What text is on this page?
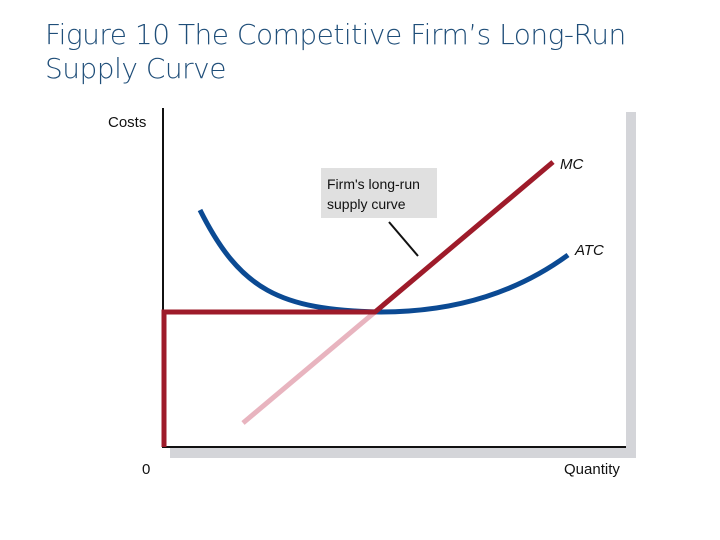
Figure 10 The Competitive Firm’s Long-Run
Supply Curve
Costs
0	Quantity
MC
ATC
Firm's long-run
supply curve
